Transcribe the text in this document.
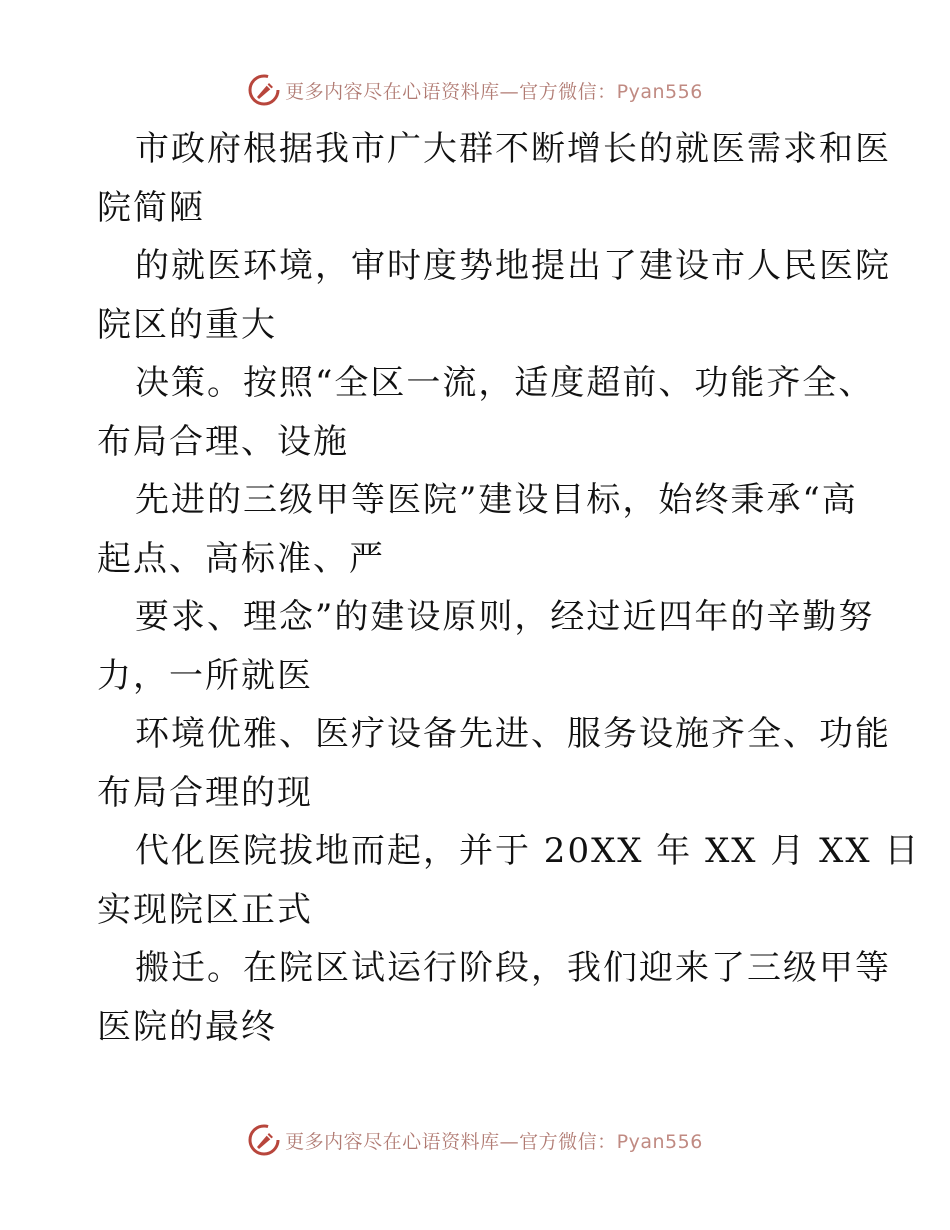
更多内容尽在心语资料库—官方微信：Pyan556
市政府根据我市广大群不断增长的就医需求和医
院简陋
的就医环境，审时度势地提出了建设市人民医院
院区的重大
决策。按照“全区一流，适度超前、功能齐全、
布局合理、设施
先进的三级甲等医院”建设目标，始终秉承“高
起点、高标准、严
要求、理念”的建设原则，经过近四年的辛勤努
力，一所就医
环境优雅、医疗设备先进、服务设施齐全、功能
布局合理的现
代化医院拔地而起，并于 20XX 年 XX 月 XX 日
实现院区正式
搬迁。在院区试运行阶段，我们迎来了三级甲等
医院的最终
更多内容尽在心语资料库—官方微信：Pyan556
